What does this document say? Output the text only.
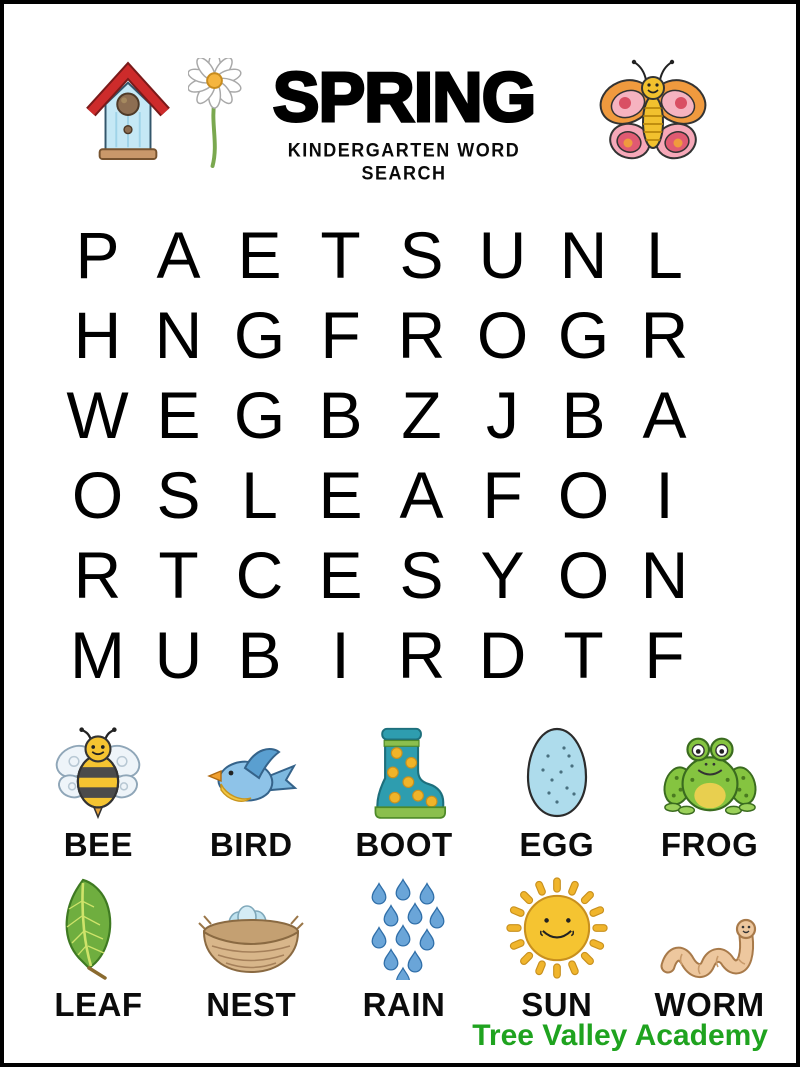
SPRING
KINDERGARTEN WORD SEARCH
P A E T S U N L
H N G F R O G R
W E G B Z J B A
O S L E A F O I
R T C E S Y O N
M U B I R D T F
BEE BIRD BOOT EGG FROG
LEAF NEST RAIN SUN WORM
Tree Valley Academy
